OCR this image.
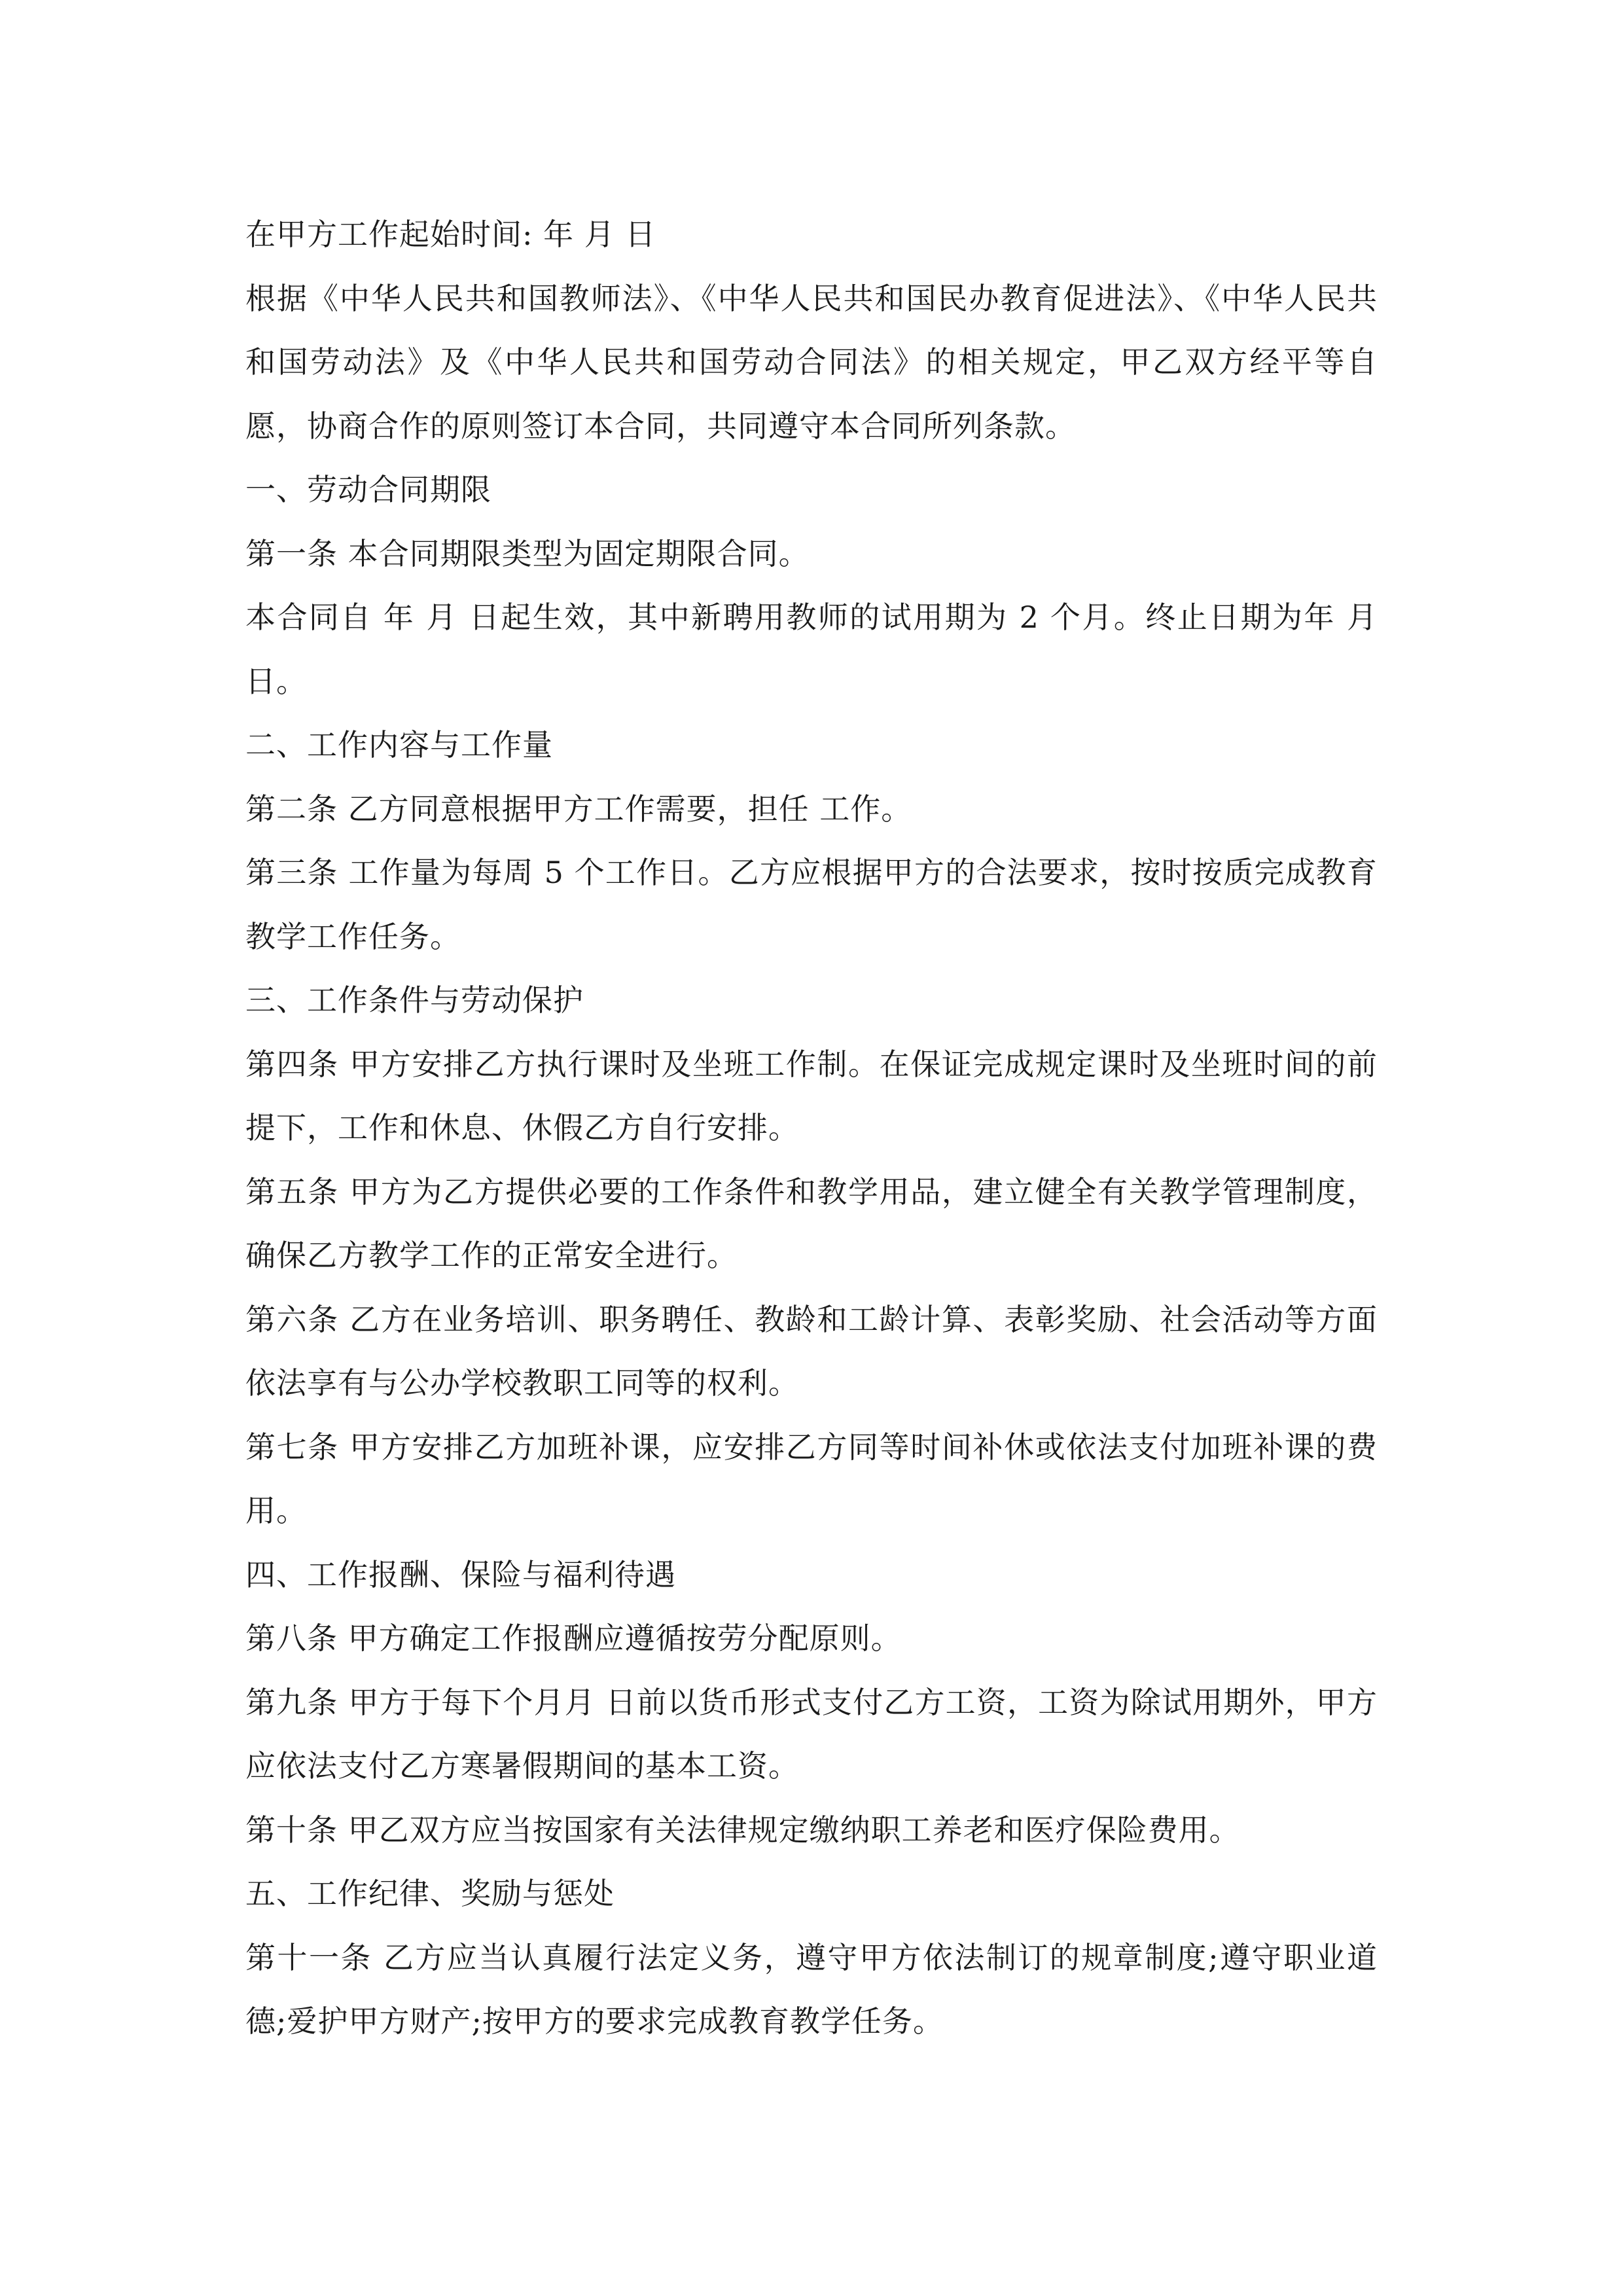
在甲方工作起始时间: 年 月 日

根据《中华人民共和国教师法》、《中华人民共和国民办教育促进法》、《中华人民共和国劳动法》及《中华人民共和国劳动合同法》的相关规定，甲乙双方经平等自愿，协商合作的原则签订本合同，共同遵守本合同所列条款。

一、劳动合同期限

第一条 本合同期限类型为固定期限合同。

本合同自 年 月 日起生效，其中新聘用教师的试用期为 2 个月。终止日期为年 月 日。

二、工作内容与工作量

第二条 乙方同意根据甲方工作需要，担任 工作。

第三条 工作量为每周 5 个工作日。乙方应根据甲方的合法要求，按时按质完成教育教学工作任务。

三、工作条件与劳动保护

第四条 甲方安排乙方执行课时及坐班工作制。在保证完成规定课时及坐班时间的前提下，工作和休息、休假乙方自行安排。

第五条 甲方为乙方提供必要的工作条件和教学用品，建立健全有关教学管理制度，确保乙方教学工作的正常安全进行。

第六条 乙方在业务培训、职务聘任、教龄和工龄计算、表彰奖励、社会活动等方面依法享有与公办学校教职工同等的权利。

第七条 甲方安排乙方加班补课，应安排乙方同等时间补休或依法支付加班补课的费用。

四、工作报酬、保险与福利待遇

第八条 甲方确定工作报酬应遵循按劳分配原则。

第九条 甲方于每下个月月 日前以货币形式支付乙方工资，工资为除试用期外，甲方应依法支付乙方寒暑假期间的基本工资。

第十条 甲乙双方应当按国家有关法律规定缴纳职工养老和医疗保险费用。

五、工作纪律、奖励与惩处

第十一条 乙方应当认真履行法定义务，遵守甲方依法制订的规章制度;遵守职业道德;爱护甲方财产;按甲方的要求完成教育教学任务。
